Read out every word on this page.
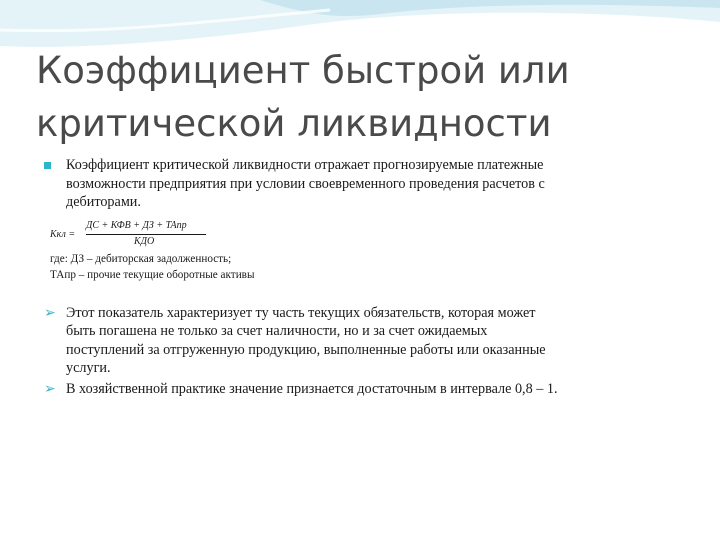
Коэффициент быстрой или
критической ликвидности
Коэффициент критической ликвидности отражает прогнозируемые платежные
возможности предприятия при условии своевременного проведения расчетов с
дебиторами.
Ккл =
ДС + КФВ + ДЗ + ТАпр
КДО
где: ДЗ – дебиторская задолженность;
ТАпр – прочие текущие оборотные активы
➢ Этот показатель характеризует ту часть текущих обязательств, которая может
быть погашена не только за счет наличности, но и за счет ожидаемых
поступлений за отгруженную продукцию, выполненные работы или оказанные
услуги.
➢ В хозяйственной практике значение признается достаточным в интервале 0,8 – 1.
